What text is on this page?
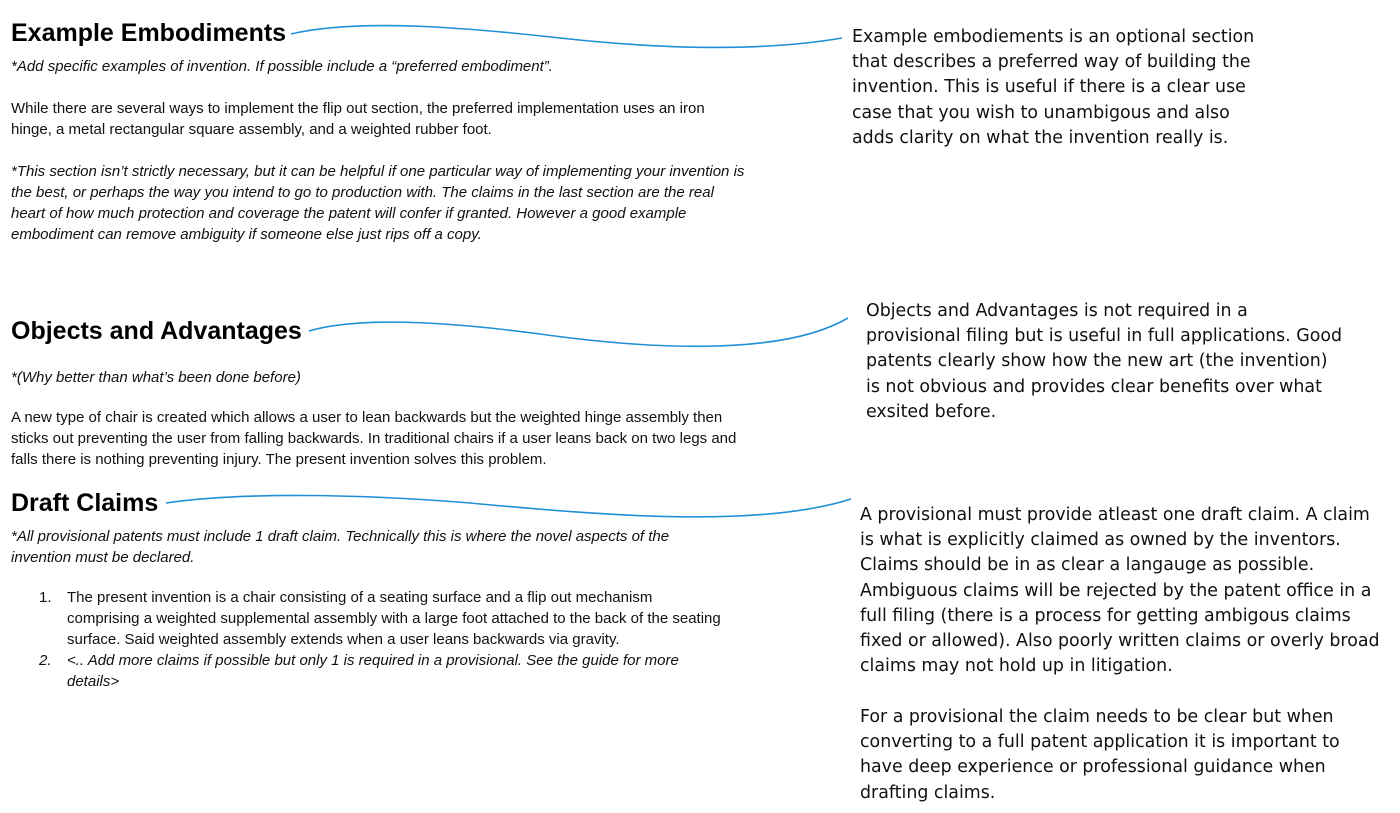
Example Embodiments

*Add specific examples of invention. If possible include a “preferred embodiment”.

While there are several ways to implement the flip out section, the preferred implementation uses an iron hinge, a metal rectangular square assembly, and a weighted rubber foot.

*This section isn’t strictly necessary, but it can be helpful if one particular way of implementing your invention is the best, or perhaps the way you intend to go to production with. The claims in the last section are the real heart of how much protection and coverage the patent will confer if granted. However a good example embodiment can remove ambiguity if someone else just rips off a copy.

Objects and Advantages

*(Why better than what’s been done before)

A new type of chair is created which allows a user to lean backwards but the weighted hinge assembly then sticks out preventing the user from falling backwards. In traditional chairs if a user leans back on two legs and falls there is nothing preventing injury. The present invention solves this problem.

Draft Claims

*All provisional patents must include 1 draft claim. Technically this is where the novel aspects of the invention must be declared.

1. The present invention is a chair consisting of a seating surface and a flip out mechanism comprising a weighted supplemental assembly with a large foot attached to the back of the seating surface. Said weighted assembly extends when a user leans backwards via gravity.

2. <.. Add more claims if possible but only 1 is required in a provisional. See the guide for more details>

Example embodiements is an optional section that describes a preferred way of building the invention. This is useful if there is a clear use case that you wish to unambigous and also adds clarity on what the invention really is.

Objects and Advantages is not required in a provisional filing but is useful in full applications. Good patents clearly show how the new art (the invention) is not obvious and provides clear benefits over what exsited before.

A provisional must provide atleast one draft claim. A claim is what is explicitly claimed as owned by the inventors. Claims should be in as clear a langauge as possible. Ambiguous claims will be rejected by the patent office in a full filing (there is a process for getting ambigous claims fixed or allowed). Also poorly written claims or overly broad claims may not hold up in litigation.

For a provisional the claim needs to be clear but when converting to a full patent application it is important to have deep experience or professional guidance when drafting claims.
